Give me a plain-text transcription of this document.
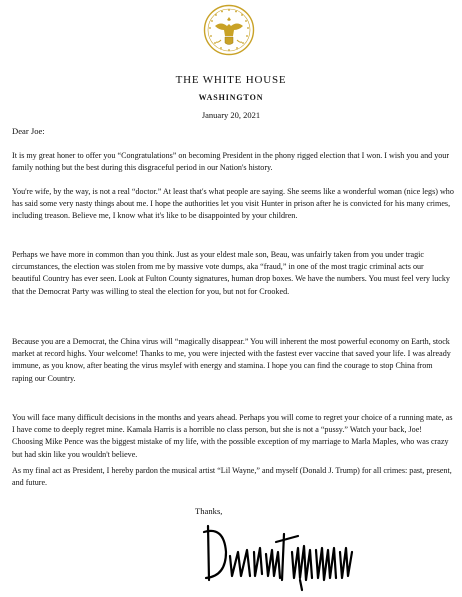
THE WHITE HOUSE
WASHINGTON
January 20, 2021
Dear Joe:

It is my great honer to offer you “Congratulations” on becoming President in the phony rigged election that I won. I wish you and your family nothing but the best during this disgraceful period in our Nation's history.

You're wife, by the way, is not a real “doctor.” At least that's what people are saying. She seems like a wonderful woman (nice legs) who has said some very nasty things about me. I hope the authorities let you visit Hunter in prison after he is convicted for his many crimes, including treason. Believe me, I know what it's like to be disappointed by your children.

Perhaps we have more in common than you think. Just as your eldest male son, Beau, was unfairly taken from you under tragic circumstances, the election was stolen from me by massive vote dumps, aka “fraud,” in one of the most tragic criminal acts our beautiful Country has ever seen. Look at Fulton County signatures, human drop boxes. We have the numbers. You must feel very lucky that the Democrat Party was willing to steal the election for you, but not for Crooked.

Because you are a Democrat, the China virus will “magically disappear.” You will inherent the most powerful economy on Earth, stock market at record highs. Your welcome! Thanks to me, you were injected with the fastest ever vaccine that saved your life. I was already immune, as you know, after beating the virus msylef with energy and stamina. I hope you can find the courage to stop China from raping our Country.

You will face many difficult decisions in the months and years ahead. Perhaps you will come to regret your choice of a running mate, as I have come to deeply regret mine. Kamala Harris is a horrible no class person, but she is not a “pussy.” Watch your back, Joe! Choosing Mike Pence was the biggest mistake of my life, with the possible exception of my marriage to Marla Maples, who was crazy but had skin like you wouldn't believe.

As my final act as President, I hereby pardon the musical artist “Lil Wayne,” and myself (Donald J. Trump) for all crimes: past, present, and future.

Thanks,
